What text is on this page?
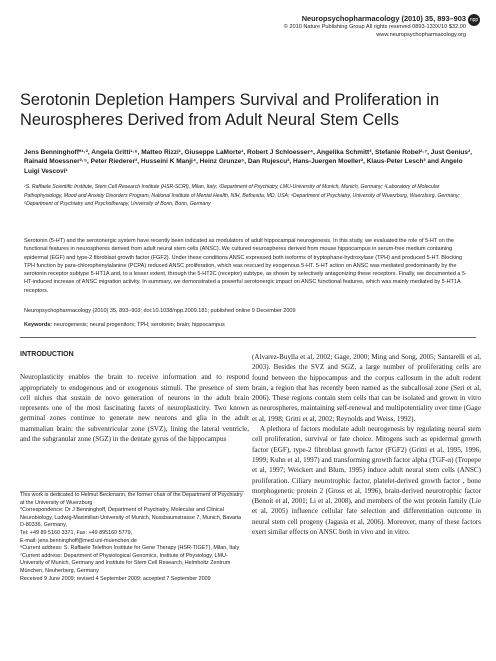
Neuropsychopharmacology (2010) 35, 893–903
© 2010 Nature Publishing Group All rights reserved 0893-133X/10 $32.00
www.neuropsychopharmacology.org
npp
Serotonin Depletion Hampers Survival and Proliferation in Neurospheres Derived from Adult Neural Stem Cells
Jens Benninghoff*¹·², Angela Gritti¹·⁶, Matteo Rizzi¹, Giuseppe LaMorte¹, Robert J Schloesser⁴, Angelika Schmitt³, Stefanie Robel²·⁷, Just Genius², Rainald Moessner³·⁵, Peter Riederer³, Husseini K Manji⁴, Heinz Grunze⁵, Dan Rujescu², Hans-Juergen Moeller², Klaus-Peter Lesch³ and Angelo Luigi Vescovi¹
¹S. Raffaele Scientific Institute, Stem Cell Research Institute (HSR-SCRI), Milan, Italy; ²Department of Psychiatry, LMU-University of Munich, Munich, Germany; ³Laboratory of Molecular Pathophysiology, Mood and Anxiety Disorders Program, National Institute of Mental Health, NIH, Bethesda, MD, USA; ⁴Department of Psychiatry, University of Wuerzburg, Wuerzburg, Germany; ⁵Department of Psychiatry and Psychotherapy, University of Bonn, Bonn, Germany
Serotonin (5-HT) and the serotonergic system have recently been indicated as modulators of adult hippocampal neurogenesis. In this study, we evaluated the role of 5-HT on the functional features in neurospheres derived from adult neural stem cells (ANSC). We cultured neurospheres derived from mouse hippocampus in serum-free medium containing epidermal (EGF) and type-2 fibroblast growth factor (FGF2). Under these conditions ANSC expressed both isoforms of tryptophane-hydroxylase (TPH) and produced 5-HT. Blocking TPH function by para-chlorophenylalanine (PCPA) reduced ANSC proliferation, which was rescued by exogenous 5-HT. 5-HT action on ANSC was mediated predominantly by the serotonin receptor subtype 5-HT1A and, to a lesser extent, through the 5-HT2C (receptor) subtype, as shown by selectively antagonizing these receptors. Finally, we documented a 5-HT-induced increase of ANSC migration activity. In summary, we demonstrated a powerful serotonergic impact on ANSC functional features, which was mainly mediated by 5-HT1A receptors.
Neuropsychopharmacology (2010) 35, 893–903; doi:10.1038/npp.2009.181; published online 9 December 2009
Keywords: neurogenesis; neural progenitors; TPH; serotonin; brain; hippocampus
INTRODUCTION

Neuroplasticity enables the brain to receive information and to respond appropriately to endogenous and or exogenous stimuli. The presence of stem cell niches that sustain de novo generation of neurons in the adult brain represents one of the most fascinating facets of neuroplasticity. Two known germinal zones continue to generate new neurons and glia in the adult mammalian brain: the subventricular zone (SVZ), lining the lateral ventricle, and the subgranular zone (SGZ) in the dentate gyrus of the hippocampus

(Alvarez-Buylla et al, 2002; Gage, 2000; Ming and Song, 2005; Santarelli et al, 2003). Besides the SVZ and SGZ, a large number of proliferating cells are found between the hippocampus and the corpus callosum in the adult rodent brain, a region that has recently been named as the subcallosal zone (Seri et al, 2006). These regions contain stem cells that can be isolated and grown in vitro as neurospheres, maintaining self-renewal and multipotentiality over time (Gage et al, 1998; Gritti et al, 2002; Reynolds and Weiss, 1992).

A plethora of factors modulate adult neurogenesis by regulating neural stem cell proliferation, survival or fate choice. Mitogens such as epidermal growth factor (EGF), type-2 fibroblast growth factor (FGF2) (Gritti et al, 1995, 1996, 1999; Kuhn et al, 1997) and transforming growth factor alpha (TGF-α) (Tropepe et al, 1997; Weickert and Blum, 1995) induce adult neural stem cells (ANSC) proliferation. Ciliary neurotrophic factor, platelet-derived growth factor , bone morphogenetic protein 2 (Gross et al, 1996), brain-derived neurotrophic factor (Benoit et al, 2001; Li et al, 2008), and members of the wnt protein family (Lie et al, 2005) influence cellular fate selection and differentiation outcome in neural stem cell progeny (Jagasia et al, 2006). Moreover, many of these factors exert similar effects on ANSC both in vivo and in vitro.

This work is dedicated to Helmut Beckmann, the former chair of the Department of Psychiatry at the University of Wuerzburg
*Correspondence: Dr J Benninghoff, Department of Psychiatry, Molecular and Clinical Neurobiology, Ludwig-Maximilian University of Munich, Nussbaumstrasse 7, Munich, Bavaria D-80336, Germany,
Tel: +49 89 5160 3371, Fax: +49 895160 5779,
E-mail: jens.benninghoff@med.uni-muenchen.de
⁶Current address: S. Raffaele Telethon Institute for Gene Therapy (HSR-TIGET), Milan, Italy
⁷Current address: Department of Physiological Genomics, Institute of Physiology, LMU-University of Munich, Germany and Institute for Stem Cell Research, Helmholtz Zentrum München, Neuherberg, Germany
Received 9 June 2009; revised 4 September 2009; accepted 7 September 2009
